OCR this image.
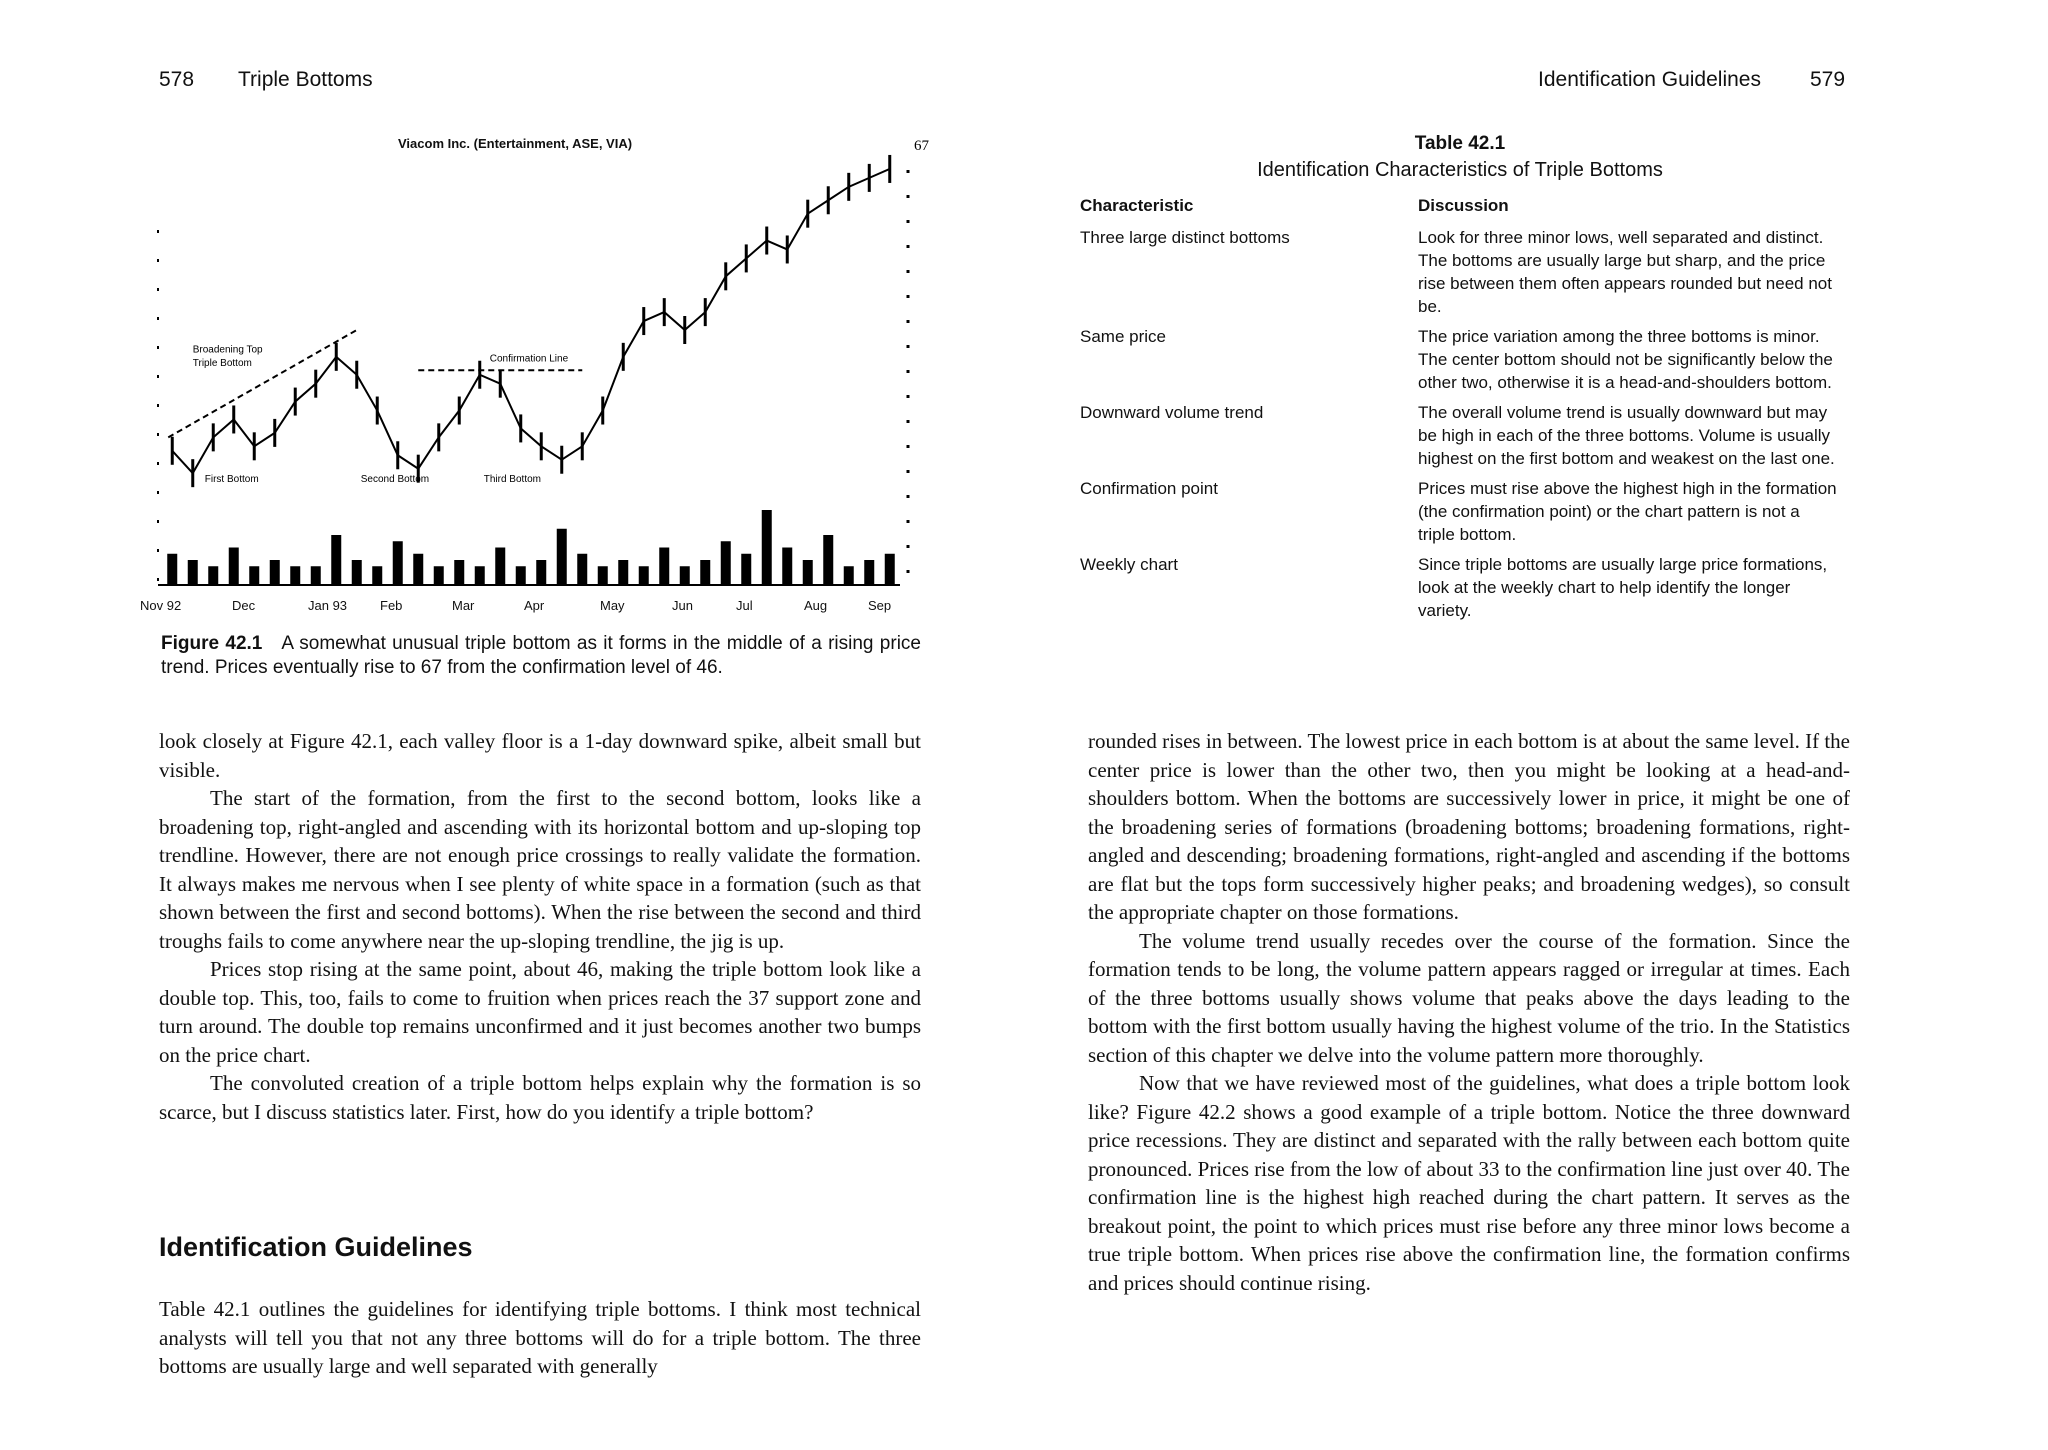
578 Triple Bottoms
Viacom Inc. (Entertainment, ASE, VIA)	67
Broadening Top
Triple Bottom	Confirmation Line
First Bottom	Second Bottom	Third Bottom
Nov 92	Dec	Jan 93	Feb	Mar	Apr	May	Jun	Jul	Aug	Sep
Figure 42.1 A somewhat unusual triple bottom as it forms in the middle of a rising price trend. Prices eventually rise to 67 from the confirmation level of 46.

look closely at Figure 42.1, each valley floor is a 1-day downward spike, albeit small but visible.

The start of the formation, from the first to the second bottom, looks like a broadening top, right-angled and ascending with its horizontal bottom and up-sloping top trendline. However, there are not enough price crossings to really validate the formation. It always makes me nervous when I see plenty of white space in a formation (such as that shown between the first and second bottoms). When the rise between the second and third troughs fails to come anywhere near the up-sloping trendline, the jig is up.

Prices stop rising at the same point, about 46, making the triple bottom look like a double top. This, too, fails to come to fruition when prices reach the 37 support zone and turn around. The double top remains unconfirmed and it just becomes another two bumps on the price chart.

The convoluted creation of a triple bottom helps explain why the formation is so scarce, but I discuss statistics later. First, how do you identify a triple bottom?

Identification Guidelines

Table 42.1 outlines the guidelines for identifying triple bottoms. I think most technical analysts will tell you that not any three bottoms will do for a triple bottom. The three bottoms are usually large and well separated with generally

Identification Guidelines 579
Table 42.1
Identification Characteristics of Triple Bottoms
Characteristic	Discussion
Three large distinct bottoms	Look for three minor lows, well separated and distinct. The bottoms are usually large but sharp, and the price rise between them often appears rounded but need not be.
Same price	The price variation among the three bottoms is minor. The center bottom should not be significantly below the other two, otherwise it is a head-and-shoulders bottom.
Downward volume trend	The overall volume trend is usually downward but may be high in each of the three bottoms. Volume is usually highest on the first bottom and weakest on the last one.
Confirmation point	Prices must rise above the highest high in the formation (the confirmation point) or the chart pattern is not a triple bottom.
Weekly chart	Since triple bottoms are usually large price formations, look at the weekly chart to help identify the longer variety.

rounded rises in between. The lowest price in each bottom is at about the same level. If the center price is lower than the other two, then you might be looking at a head-and-shoulders bottom. When the bottoms are successively lower in price, it might be one of the broadening series of formations (broadening bottoms; broadening formations, right-angled and descending; broadening formations, right-angled and ascending if the bottoms are flat but the tops form successively higher peaks; and broadening wedges), so consult the appropriate chapter on those formations.

The volume trend usually recedes over the course of the formation. Since the formation tends to be long, the volume pattern appears ragged or irregular at times. Each of the three bottoms usually shows volume that peaks above the days leading to the bottom with the first bottom usually having the highest volume of the trio. In the Statistics section of this chapter we delve into the volume pattern more thoroughly.

Now that we have reviewed most of the guidelines, what does a triple bottom look like? Figure 42.2 shows a good example of a triple bottom. Notice the three downward price recessions. They are distinct and separated with the rally between each bottom quite pronounced. Prices rise from the low of about 33 to the confirmation line just over 40. The confirmation line is the highest high reached during the chart pattern. It serves as the breakout point, the point to which prices must rise before any three minor lows become a true triple bottom. When prices rise above the confirmation line, the formation confirms and prices should continue rising.
